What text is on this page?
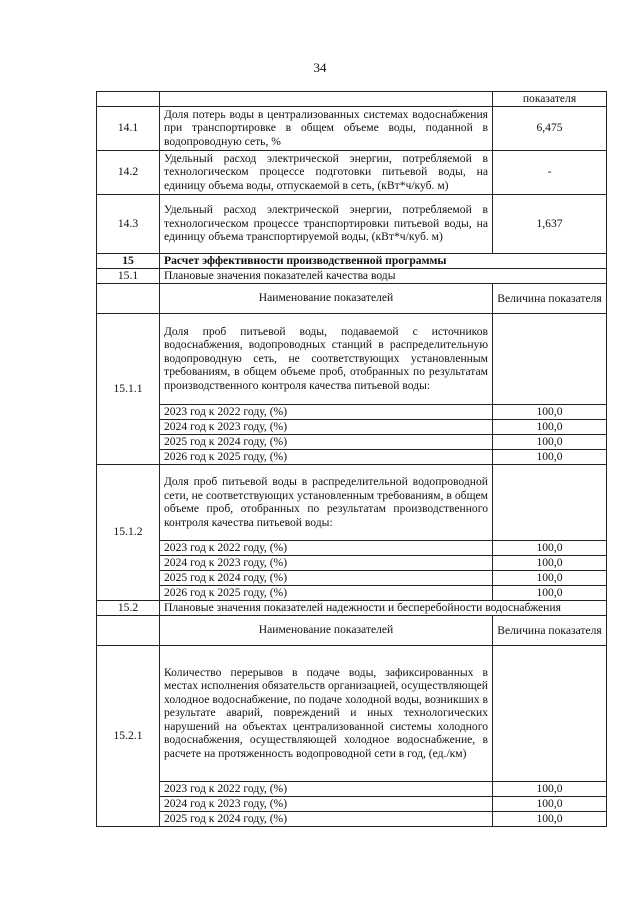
34
		показателя
14.1	Доля потерь воды в централизованных системах водоснабжения при транспортировке в общем объеме воды, поданной в водопроводную сеть, %	6,475
14.2	Удельный расход электрической энергии, потребляемой в технологическом процессе подготовки питьевой воды, на единицу объема воды, отпускаемой в сеть, (кВт*ч/куб. м)	-
14.3	Удельный расход электрической энергии, потребляемой в технологическом процессе транспортировки питьевой воды, на единицу объема транспортируемой воды, (кВт*ч/куб. м)	1,637
15	Расчет эффективности производственной программы	
15.1	Плановые значения показателей качества воды	
	Наименование показателей	Величина показателя
15.1.1	Доля проб питьевой воды, подаваемой с источников водоснабжения, водопроводных станций в распределительную водопроводную сеть, не соответствующих установленным требованиям, в общем объеме проб, отобранных по результатам производственного контроля качества питьевой воды:	
	2023 год к 2022 году, (%)	100,0
	2024 год к 2023 году, (%)	100,0
	2025 год к 2024 году, (%)	100,0
	2026 год к 2025 году, (%)	100,0
15.1.2	Доля проб питьевой воды в распределительной водопроводной сети, не соответствующих установленным требованиям, в общем объеме проб, отобранных по результатам производственного контроля качества питьевой воды:	
	2023 год к 2022 году, (%)	100,0
	2024 год к 2023 году, (%)	100,0
	2025 год к 2024 году, (%)	100,0
	2026 год к 2025 году, (%)	100,0
15.2	Плановые значения показателей надежности и бесперебойности водоснабжения	
	Наименование показателей	Величина показателя
15.2.1	Количество перерывов в подаче воды, зафиксированных в местах исполнения обязательств организацией, осуществляющей холодное водоснабжение, по подаче холодной воды, возникших в результате аварий, повреждений и иных технологических нарушений на объектах централизованной системы холодного водоснабжения, осуществляющей холодное водоснабжение, в расчете на протяженность водопроводной сети в год, (ед./км)	
	2023 год к 2022 году, (%)	100,0
	2024 год к 2023 году, (%)	100,0
	2025 год к 2024 году, (%)	100,0
